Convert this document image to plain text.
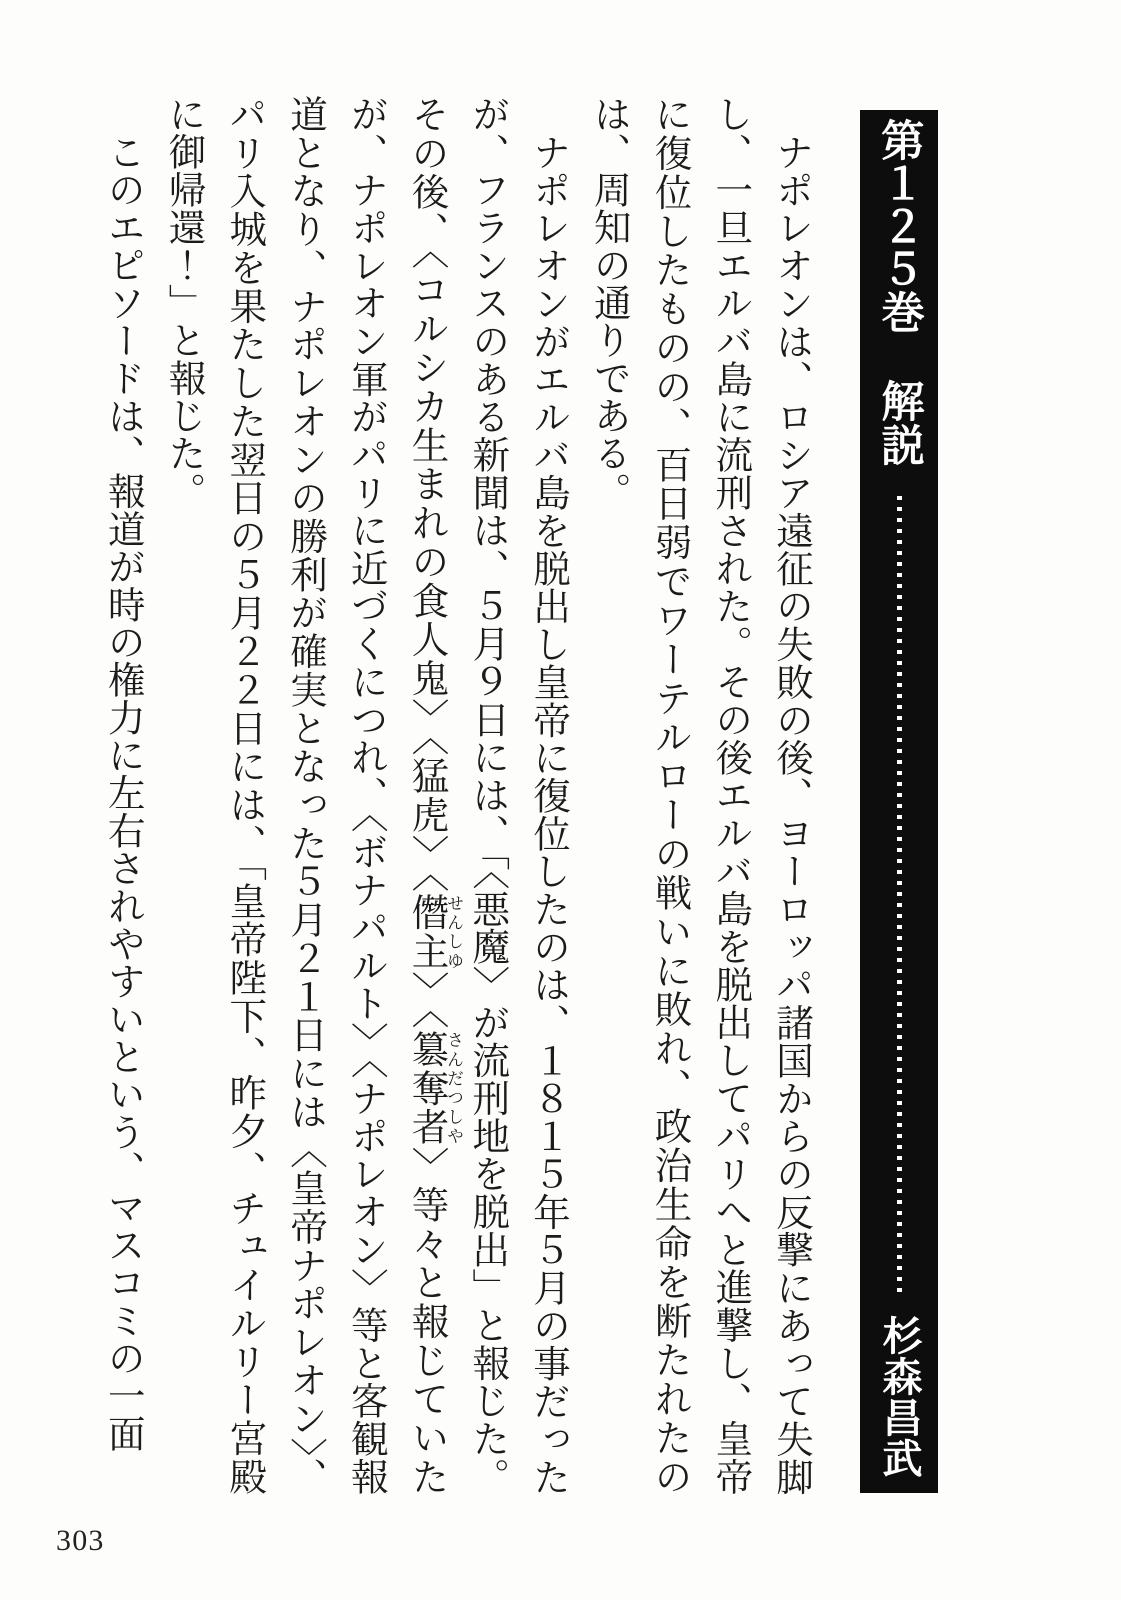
第１２５巻
解説
杉森昌武

ナポレオンは、ロシア遠征の失敗の後、ヨーロッパ諸国からの反撃にあって失脚し、一旦エルバ島に流刑された。その後エルバ島を脱出してパリへと進撃し、皇帝に復位したものの、百日弱でワーテルローの戦いに敗れ、政治生命を断たれたのは、周知の通りである。

ナポレオンがエルバ島を脱出し皇帝に復位したのは、１８１５年５月の事だったが、フランスのある新聞は、５月９日には、「〈悪魔〉が流刑地を脱出」と報じた。その後、〈コルシカ生まれの食人鬼〉〈猛虎〉〈僭主せんしゆ〉〈簒奪者さんだつしや〉等々と報じていたが、ナポレオン軍がパリに近づくにつれ、〈ボナパルト〉〈ナポレオン〉等と客観報道となり、ナポレオンの勝利が確実となった５月２１日には〈皇帝ナポレオン〉、パリ入城を果たした翌日の５月２２日には、「皇帝陛下、昨夕、チュイルリー宮殿に御帰還！」と報じた。

このエピソードは、報道が時の権力に左右されやすいという、マスコミの一面

303
